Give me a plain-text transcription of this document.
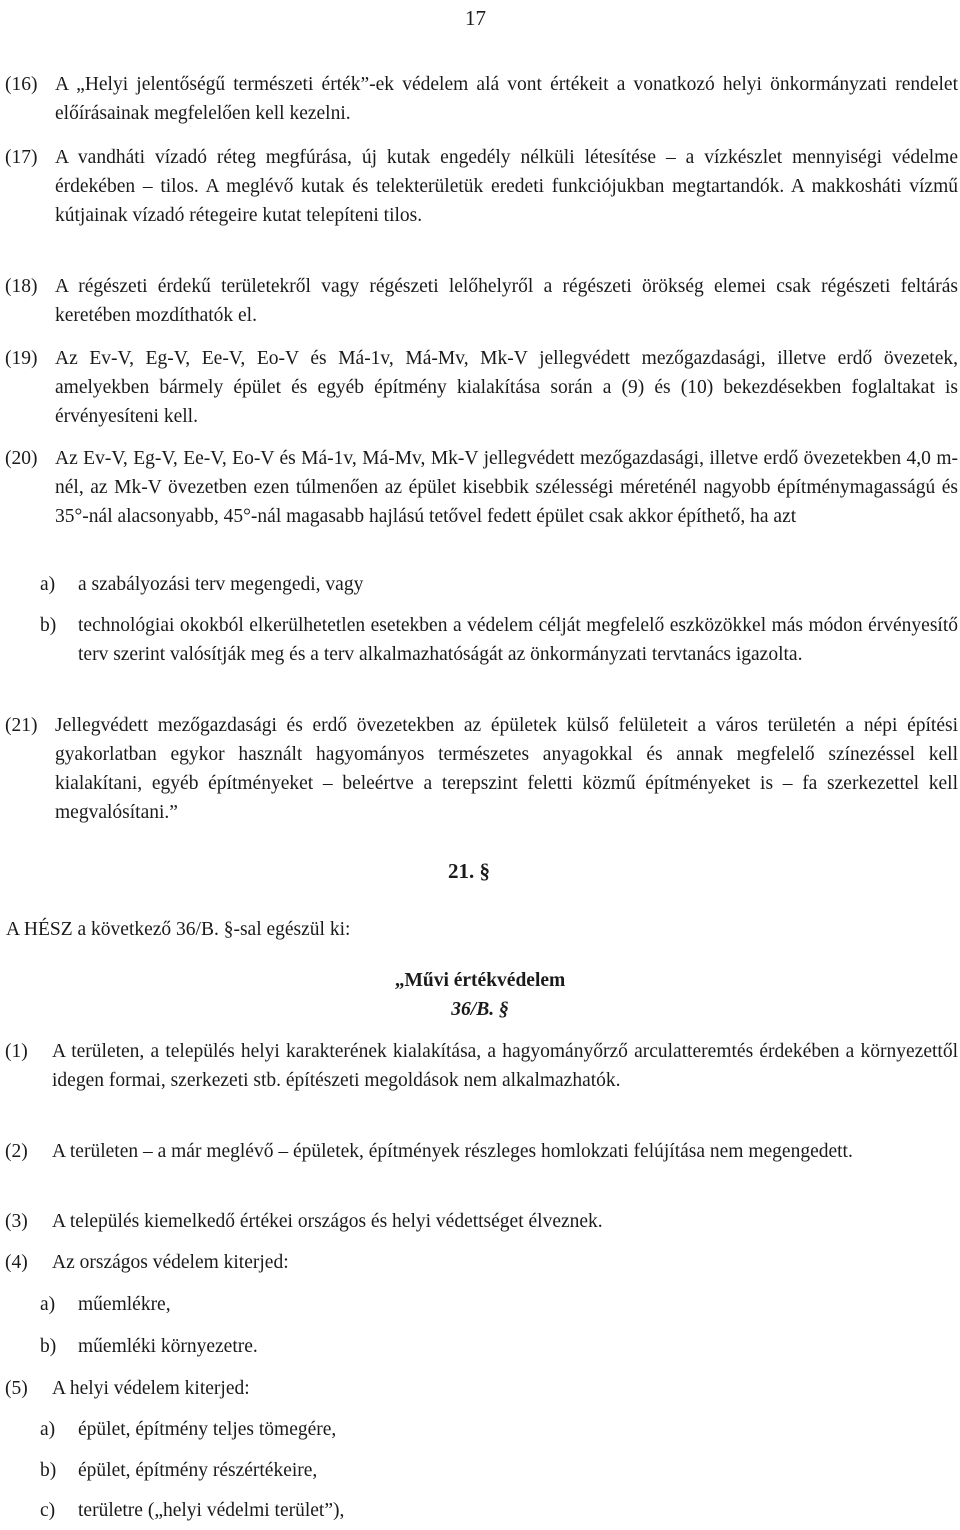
17
(16) A „Helyi jelentőségű természeti érték”-ek védelem alá vont értékeit a vonatkozó helyi önkormányzati rendelet előírásainak megfelelően kell kezelni.
(17) A vandháti vízadó réteg megfúrása, új kutak engedély nélküli létesítése – a vízkészlet mennyiségi védelme érdekében – tilos. A meglévő kutak és telekterületük eredeti funkciójukban megtartandók. A makkosháti vízmű kútjainak vízadó rétegeire kutat telepíteni tilos.
(18) A régészeti érdekű területekről vagy régészeti lelőhelyről a régészeti örökség elemei csak régészeti feltárás keretében mozdíthatók el.
(19) Az Ev-V, Eg-V, Ee-V, Eo-V és Má-1v, Má-Mv, Mk-V jellegvédett mezőgazdasági, illetve erdő övezetek, amelyekben bármely épület és egyéb építmény kialakítása során a (9) és (10) bekezdésekben foglaltakat is érvényesíteni kell.
(20) Az Ev-V, Eg-V, Ee-V, Eo-V és Má-1v, Má-Mv, Mk-V jellegvédett mezőgazdasági, illetve erdő övezetekben 4,0 m-nél, az Mk-V övezetben ezen túlmenően az épület kisebbik szélességi méreténél nagyobb építménymagasságú és 35°-nál alacsonyabb, 45°-nál magasabb hajlású tetővel fedett épület csak akkor építhető, ha azt
a) a szabályozási terv megengedi, vagy
b) technológiai okokból elkerülhetetlen esetekben a védelem célját megfelelő eszközökkel más módon érvényesítő terv szerint valósítják meg és a terv alkalmazhatóságát az önkormányzati tervtanács igazolta.
(21) Jellegvédett mezőgazdasági és erdő övezetekben az épületek külső felületeit a város területén a népi építési gyakorlatban egykor használt hagyományos természetes anyagokkal és annak megfelelő színezéssel kell kialakítani, egyéb építményeket – beleértve a terepszint feletti közmű építményeket is – fa szerkezettel kell megvalósítani.”
21. §
A HÉSZ a következő 36/B. §-sal egészül ki:
„Művi értékvédelem
36/B. §
(1) A területen, a település helyi karakterének kialakítása, a hagyományőrző arculatteremtés érdekében a környezettől idegen formai, szerkezeti stb. építészeti megoldások nem alkalmazhatók.
(2) A területen – a már meglévő – épületek, építmények részleges homlokzati felújítása nem megengedett.
(3) A település kiemelkedő értékei országos és helyi védettséget élveznek.
(4) Az országos védelem kiterjed:
a) műemlékre,
b) műemléki környezetre.
(5) A helyi védelem kiterjed:
a) épület, építmény teljes tömegére,
b) épület, építmény részértékeire,
c) területre („helyi védelmi terület”),
